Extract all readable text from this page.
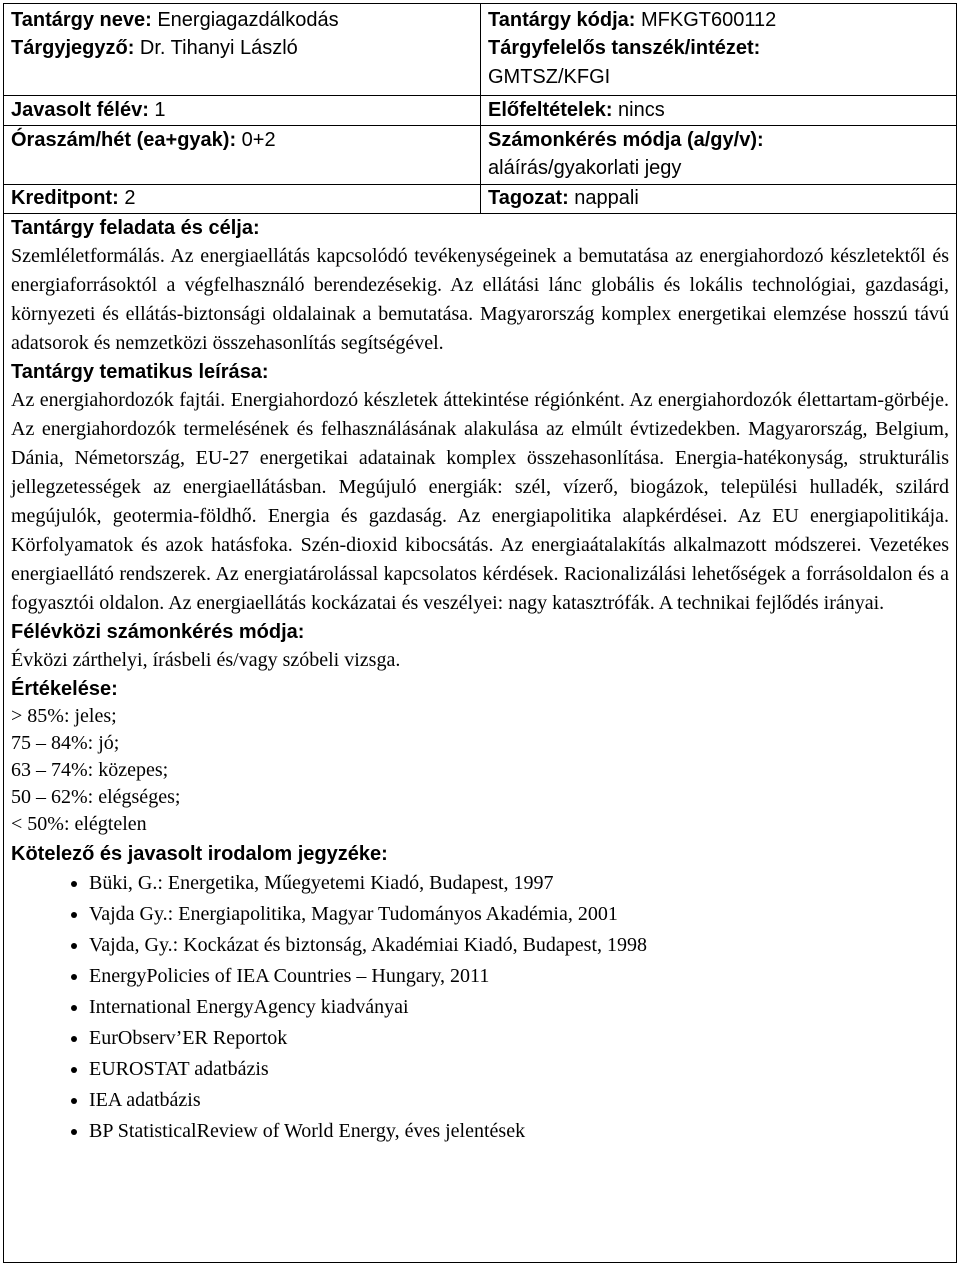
Tantárgy neve: Energiagazdálkodás
Tárgyjegyző: Dr. Tihanyi László
Javasolt félév: 1
Óraszám/hét (ea+gyak): 0+2
Kreditpont: 2
Tantárgy kódja: MFKGT600112
Tárgyfelelős tanszék/intézet:
GMTSZ/KFGI
Előfeltételek: nincs
Számonkérés módja (a/gy/v):
aláírás/gyakorlati jegy
Tagozat: nappali
Tantárgy feladata és célja:
Szemléletformálás. Az energiaellátás kapcsolódó tevékenységeinek a bemutatása az energiahordozó készletektől és energiaforrásoktól a végfelhasználó berendezésekig. Az ellátási lánc globális és lokális technológiai, gazdasági, környezeti és ellátás-biztonsági oldalainak a bemutatása. Magyarország komplex energetikai elemzése hosszú távú adatsorok és nemzetközi összehasonlítás segítségével.
Tantárgy tematikus leírása:
Az energiahordozók fajtái. Energiahordozó készletek áttekintése régiónként. Az energiahordozók élettartam-görbéje. Az energiahordozók termelésének és felhasználásának alakulása az elmúlt évtizedekben. Magyarország, Belgium, Dánia, Németország, EU-27 energetikai adatainak komplex összehasonlítása. Energia-hatékonyság, strukturális jellegzetességek az energiaellátásban. Megújuló energiák: szél, vízerő, biogázok, települési hulladék, szilárd megújulók, geotermia-földhő. Energia és gazdaság. Az energiapolitika alapkérdései. Az EU energiapolitikája. Körfolyamatok és azok hatásfoka. Szén-dioxid kibocsátás. Az energiaátalakítás alkalmazott módszerei. Vezetékes energiaellátó rendszerek. Az energiatárolással kapcsolatos kérdések. Racionalizálási lehetőségek a forrásoldalon és a fogyasztói oldalon. Az energiaellátás kockázatai és veszélyei: nagy katasztrófák. A technikai fejlődés irányai.
Félévközi számonkérés módja:
Évközi zárthelyi, írásbeli és/vagy szóbeli vizsga.
Értékelése:
> 85%: jeles;
75 – 84%: jó;
63 – 74%: közepes;
50 – 62%: elégséges;
< 50%: elégtelen
Kötelező és javasolt irodalom jegyzéke:
• Büki, G.: Energetika, Műegyetemi Kiadó, Budapest, 1997
• Vajda Gy.: Energiapolitika, Magyar Tudományos Akadémia, 2001
• Vajda, Gy.: Kockázat és biztonság, Akadémiai Kiadó, Budapest, 1998
• EnergyPolicies of IEA Countries – Hungary, 2011
• International EnergyAgency kiadványai
• EurObserv’ER Reportok
• EUROSTAT adatbázis
• IEA adatbázis
• BP StatisticalReview of World Energy, éves jelentések
